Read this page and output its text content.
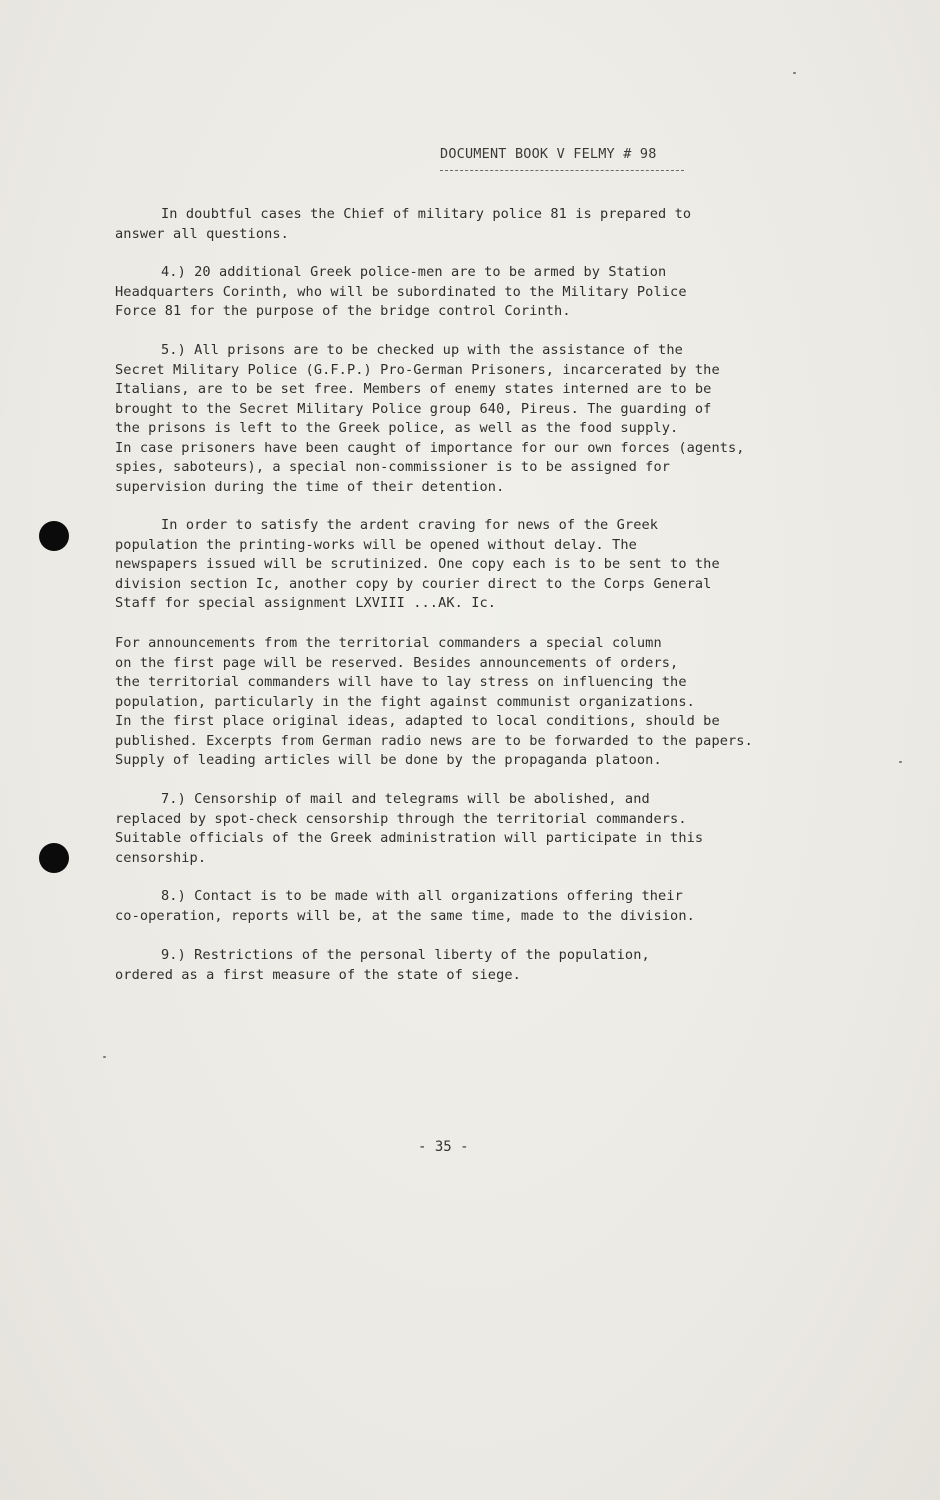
DOCUMENT BOOK V FELMY # 98
In doubtful cases the Chief of military police 81 is prepared to
answer all questions.
4.) 20 additional Greek police-men are to be armed by Station
Headquarters Corinth, who will be subordinated to the Military Police
Force 81 for the purpose of the bridge control Corinth.
5.) All prisons are to be checked up with the assistance of the
Secret Military Police (G.F.P.) Pro-German Prisoners, incarcerated by the
Italians, are to be set free. Members of enemy states interned are to be
brought to the Secret Military Police group 640, Pireus. The guarding of
the prisons is left to the Greek police, as well as the food supply.
In case prisoners have been caught of importance for our own forces (agents,
spies, saboteurs), a special non-commissioner is to be assigned for
supervision during the time of their detention.
In order to satisfy the ardent craving for news of the Greek
population the printing-works will be opened without delay. The
newspapers issued will be scrutinized. One copy each is to be sent to the
division section Ic, another copy by courier direct to the Corps General
Staff for special assignment LXVIII ...AK. Ic.
For announcements from the territorial commanders a special column
on the first page will be reserved. Besides announcements of orders,
the territorial commanders will have to lay stress on influencing the
population, particularly in the fight against communist organizations.
In the first place original ideas, adapted to local conditions, should be
published. Excerpts from German radio news are to be forwarded to the papers.
Supply of leading articles will be done by the propaganda platoon.
7.) Censorship of mail and telegrams will be abolished, and
replaced by spot-check censorship through the territorial commanders.
Suitable officials of the Greek administration will participate in this
censorship.
8.) Contact is to be made with all organizations offering their
co-operation, reports will be, at the same time, made to the division.
9.) Restrictions of the personal liberty of the population,
ordered as a first measure of the state of siege.
- 35 -
